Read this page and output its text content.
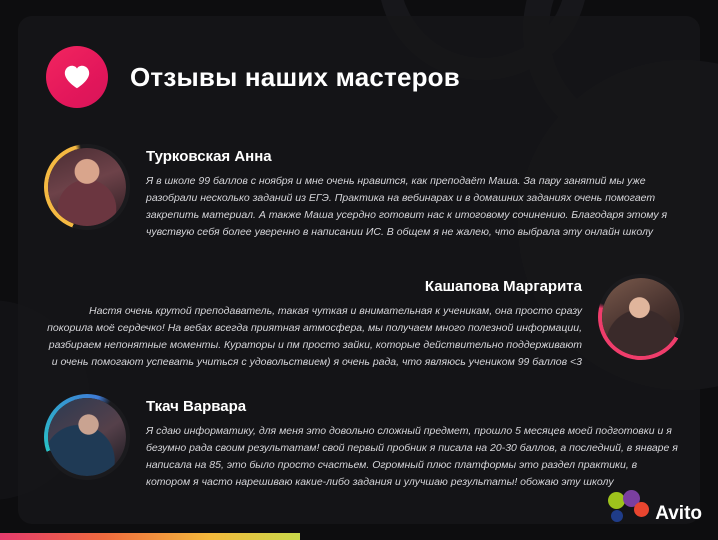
Отзывы наших мастеров
Турковская Анна
Я в школе 99 баллов с ноября и мне очень нравится, как преподаёт Маша. За пару занятий мы уже разобрали несколько заданий из ЕГЭ. Практика на вебинарах и в домашних заданиях очень помогает закрепить материал. А также Маша усердно готовит нас к итоговому сочинению. Благодаря этому я чувствую себя более уверенно в написании ИС. В общем я не жалею, что выбрала эту онлайн школу
Кашапова Маргарита
Настя очень крутой преподаватель, такая чуткая и внимательная к ученикам, она просто сразу покорила моё сердечко! На вебах всегда приятная атмосфера, мы получаем много полезной информации, разбираем непонятные моменты. Кураторы и пм просто зайки, которые действительно поддерживают и очень помогают успевать учиться с удовольствием) я очень рада, что являюсь учеником 99 баллов <3
Ткач Варвара
Я сдаю информатику, для меня это довольно сложный предмет, прошло 5 месяцев моей подготовки и я безумно рада своим результатам! свой первый пробник я писала на 20-30 баллов, а последний, в январе я написала на 85, это было просто счастьем. Огромный плюс платформы это раздел практики, в котором я часто нарешиваю какие-либо задания и улучшаю результаты! обожаю эту школу
Avito
